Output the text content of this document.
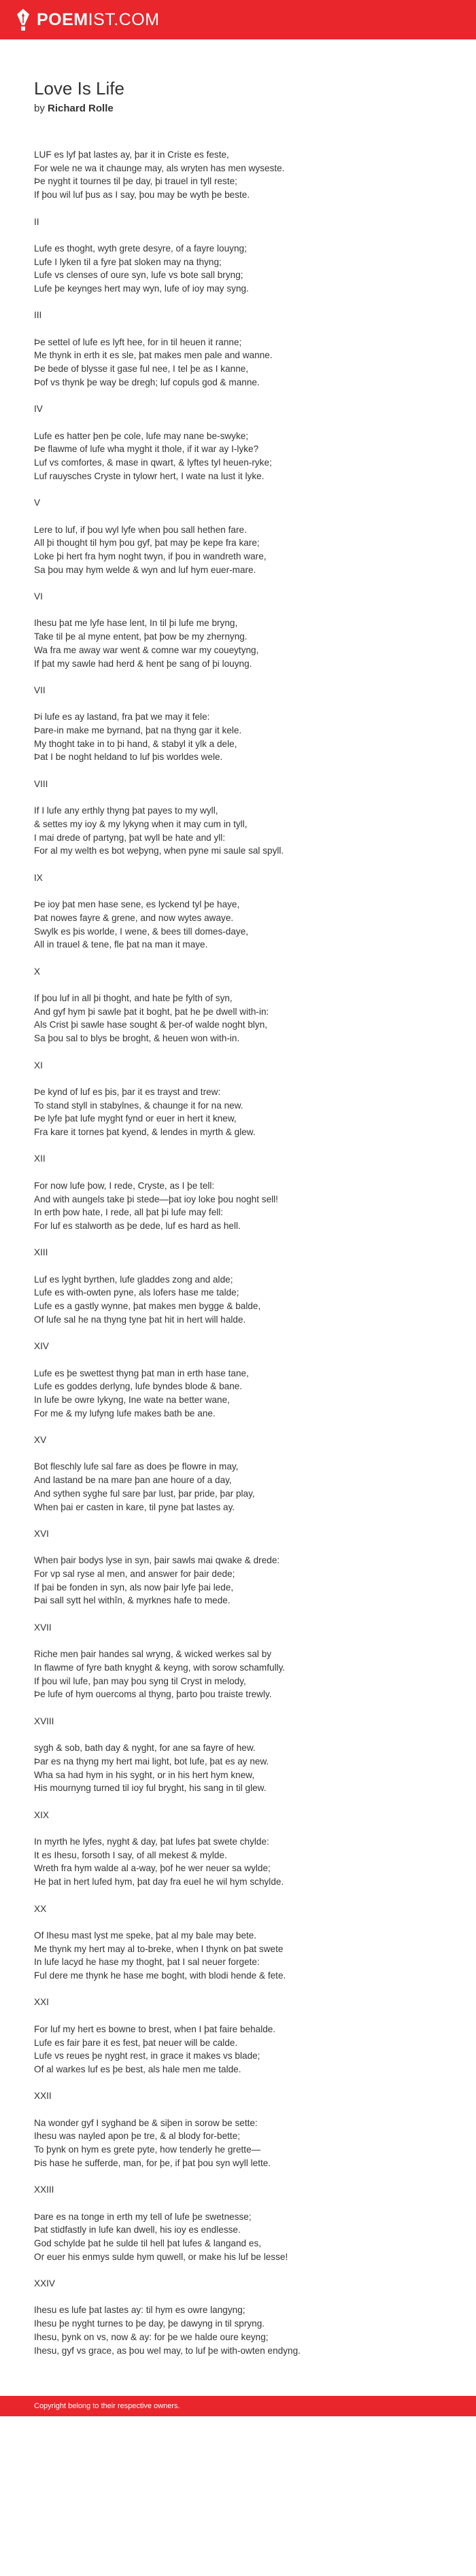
POEMIST.COM
Love Is Life
by Richard Rolle
LUF es lyf þat lastes ay, þar it in Criste es feste,
For wele ne wa it chaunge may, als wryten has men wyseste.
Þe nyght it tournes til þe day, þi trauel in tyll reste;
If þou wil luf þus as I say, þou may be wyth þe beste.
II
Lufe es thoght, wyth grete desyre, of a fayre louyng;
Lufe I lyken til a fyre þat sloken may na thyng;
Lufe vs clenses of oure syn, lufe vs bote sall bryng;
Lufe þe keynges hert may wyn, lufe of ioy may syng.
III
Þe settel of lufe es lyft hee, for in til heuen it ranne;
Me thynk in erth it es sle, þat makes men pale and wanne.
Þe bede of blysse it gase ful nee, I tel þe as I kanne,
Þof vs thynk þe way be dregh; luf copuls god & manne.
IV
Lufe es hatter þen þe cole, lufe may nane be-swyke;
Þe flawme of lufe wha myght it thole, if it war ay I-lyke?
Luf vs comfortes, & mase in qwart, & lyftes tyl heuen-ryke;
Luf rauysches Cryste in tylowr hert, I wate na lust it lyke.
V
Lere to luf, if þou wyl lyfe when þou sall hethen fare.
All þi thought til hym þou gyf, þat may þe kepe fra kare;
Loke þi hert fra hym noght twyn, if þou in wandreth ware,
Sa þou may hym welde & wyn and luf hym euer-mare.
VI
Ihesu þat me lyfe hase lent, In til þi lufe me bryng,
Take til þe al myne entent, þat þow be my zhernyng.
Wa fra me away war went & comne war my coueytyng,
If þat my sawle had herd & hent þe sang of þi louyng.
VII
Þi lufe es ay lastand, fra þat we may it fele:
Þare-in make me byrnand, þat na thyng gar it kele.
My thoght take in to þi hand, & stabyl it ylk a dele,
Þat I be noght heldand to luf þis worldes wele.
VIII
If I lufe any erthly thyng þat payes to my wyll,
& settes my ioy & my lykyng when it may cum in tyll,
I mai drede of partyng, þat wyll be hate and yll:
For al my welth es bot weþyng, when pyne mi saule sal spyll.
IX
Þe ioy þat men hase sene, es lyckend tyl þe haye,
Þat nowes fayre & grene, and now wytes awaye.
Swylk es þis worlde, I wene, & bees till domes-daye,
All in trauel & tene, fle þat na man it maye.
X
If þou luf in all þi thoght, and hate þe fylth of syn,
And gyf hym þi sawle þat it boght, þat he þe dwell with-in:
Als Crist þi sawle hase sought & þer-of walde noght blyn,
Sa þou sal to blys be broght, & heuen won with-in.
XI
Þe kynd of luf es þis, þar it es trayst and trew:
To stand styll in stabylnes, & chaunge it for na new.
Þe lyfe þat lufe myght fynd or euer in hert it knew,
Fra kare it tornes þat kyend, & lendes in myrth & glew.
XII
For now lufe þow, I rede, Cryste, as I þe tell:
And with aungels take þi stede—þat ioy loke þou noght sell!
In erth þow hate, I rede, all þat þi lufe may fell:
For luf es stalworth as þe dede, luf es hard as hell.
XIII
Luf es lyght byrthen, lufe gladdes zong and alde;
Lufe es with-owten pyne, als lofers hase me talde;
Lufe es a gastly wynne, þat makes men bygge & balde,
Of lufe sal he na thyng tyne þat hit in hert will halde.
XIV
Lufe es þe swettest thyng þat man in erth hase tane,
Lufe es goddes derlyng, lufe byndes blode & bane.
In lufe be owre lykyng, Ine wate na better wane,
For me & my lufyng lufe makes bath be ane.
XV
Bot fleschly lufe sal fare as does þe flowre in may,
And lastand be na mare þan ane houre of a day,
And sythen syghe ful sare þar lust, þar pride, þar play,
When þai er casten in kare, til pyne þat lastes ay.
XVI
When þair bodys lyse in syn, þair sawls mai qwake & drede:
For vp sal ryse al men, and answer for þair dede;
If þai be fonden in syn, als now þair lyfe þai lede,
Þai sall sytt hel withîn, & myrknes hafe to mede.
XVII
Riche men þair handes sal wryng, & wicked werkes sal by
In flawme of fyre bath knyght & keyng, with sorow schamfully.
If þou wil lufe, þan may þou syng til Cryst in melody,
Þe lufe of hym ouercoms al thyng, þarto þou traiste trewly.
XVIII
sygh & sob, bath day & nyght, for ane sa fayre of hew.
Þar es na thyng my hert mai light, bot lufe, þat es ay new.
Wha sa had hym in his syght, or in his hert hym knew,
His mournyng turned til ioy ful bryght, his sang in til glew.
XIX
In myrth he lyfes, nyght & day, þat lufes þat swete chylde:
It es Ihesu, forsoth I say, of all mekest & mylde.
Wreth fra hym walde al a-way, þof he wer neuer sa wylde;
He þat in hert lufed hym, þat day fra euel he wil hym schylde.
XX
Of Ihesu mast lyst me speke, þat al my bale may bete.
Me thynk my hert may al to-breke, when I thynk on þat swete
In lufe lacyd he hase my thoght, þat I sal neuer forgete:
Ful dere me thynk he hase me boght, with blodi hende & fete.
XXI
For luf my hert es bowne to brest, when I þat faire behalde.
Lufe es fair þare it es fest, þat neuer will be calde.
Lufe vs reues þe nyght rest, in grace it makes vs blade;
Of al warkes luf es þe best, als hale men me talde.
XXII
Na wonder gyf I syghand be & siþen in sorow be sette:
Ihesu was nayled apon þe tre, & al blody for-bette;
To þynk on hym es grete pyte, how tenderly he grette—
Þis hase he sufferde, man, for þe, if þat þou syn wyll lette.
XXIII
Þare es na tonge in erth my tell of lufe þe swetnesse;
Þat stidfastly in lufe kan dwell, his ioy es endlesse.
God schylde þat he sulde til hell þat lufes & langand es,
Or euer his enmys sulde hym quwell, or make his luf be lesse!
XXIV
Ihesu es lufe þat lastes ay: til hym es owre langyng;
Ihesu þe nyght turnes to þe day, þe dawyng in til spryng.
Ihesu, þynk on vs, now & ay: for þe we halde oure keyng;
Ihesu, gyf vs grace, as þou wel may, to luf þe with-owten endyng.
Copyright belong to their respective owners.
